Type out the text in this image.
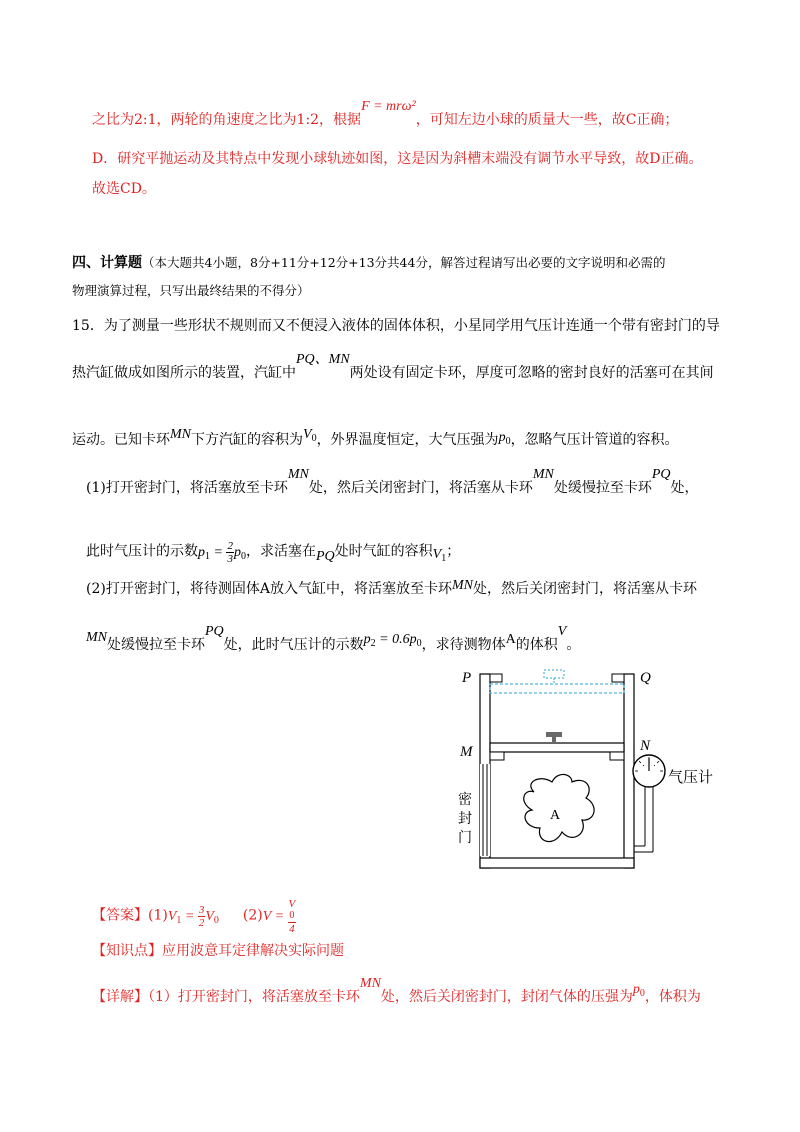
之比为2:1，两轮的角速度之比为1:2，根据F = mrω²，可知左边小球的质量大一些，故C正确；
D．研究平抛运动及其特点中发现小球轨迹如图，这是因为斜槽末端没有调节水平导致，故D正确。
故选CD。
四、计算题（本大题共4小题，8分+11分+12分+13分共44分，解答过程请写出必要的文字说明和必需的
物理演算过程，只写出最终结果的不得分）
15．为了测量一些形状不规则而又不便浸入液体的固体体积，小星同学用气压计连通一个带有密封门的导
热汽缸做成如图所示的装置，汽缸中PQ、MN两处设有固定卡环，厚度可忽略的密封良好的活塞可在其间
运动。已知卡环MN下方汽缸的容积为$V_0$，外界温度恒定，大气压强为$p_0$，忽略气压计管道的容积。
(1)打开密封门，将活塞放至卡环MN处，然后关闭密封门，将活塞从卡环MN处缓慢拉至卡环PQ处，
此时气压计的示数$p_1 = \frac{2}{3} p_0$，求活塞在PQ处时气缸的容积$V_1$；
(2)打开密封门，将待测固体A放入气缸中，将活塞放至卡环MN处，然后关闭密封门，将活塞从卡环
MN处缓慢拉至卡环PQ处，此时气压计的示数$p_2 = 0.6p_0$，求待测物体A的体积V。
A
P	Q
M	N
气压计
密
封
门
【答案】$(1)V_1 = \frac{3}{2} V_0$ (2)V = V
0
4
【知识点】应用波意耳定律解决实际问题
【详解】（1）打开密封门，将活塞放至卡环MN处，然后关闭密封门，封闭气体的压强为$p_0$，体积为
